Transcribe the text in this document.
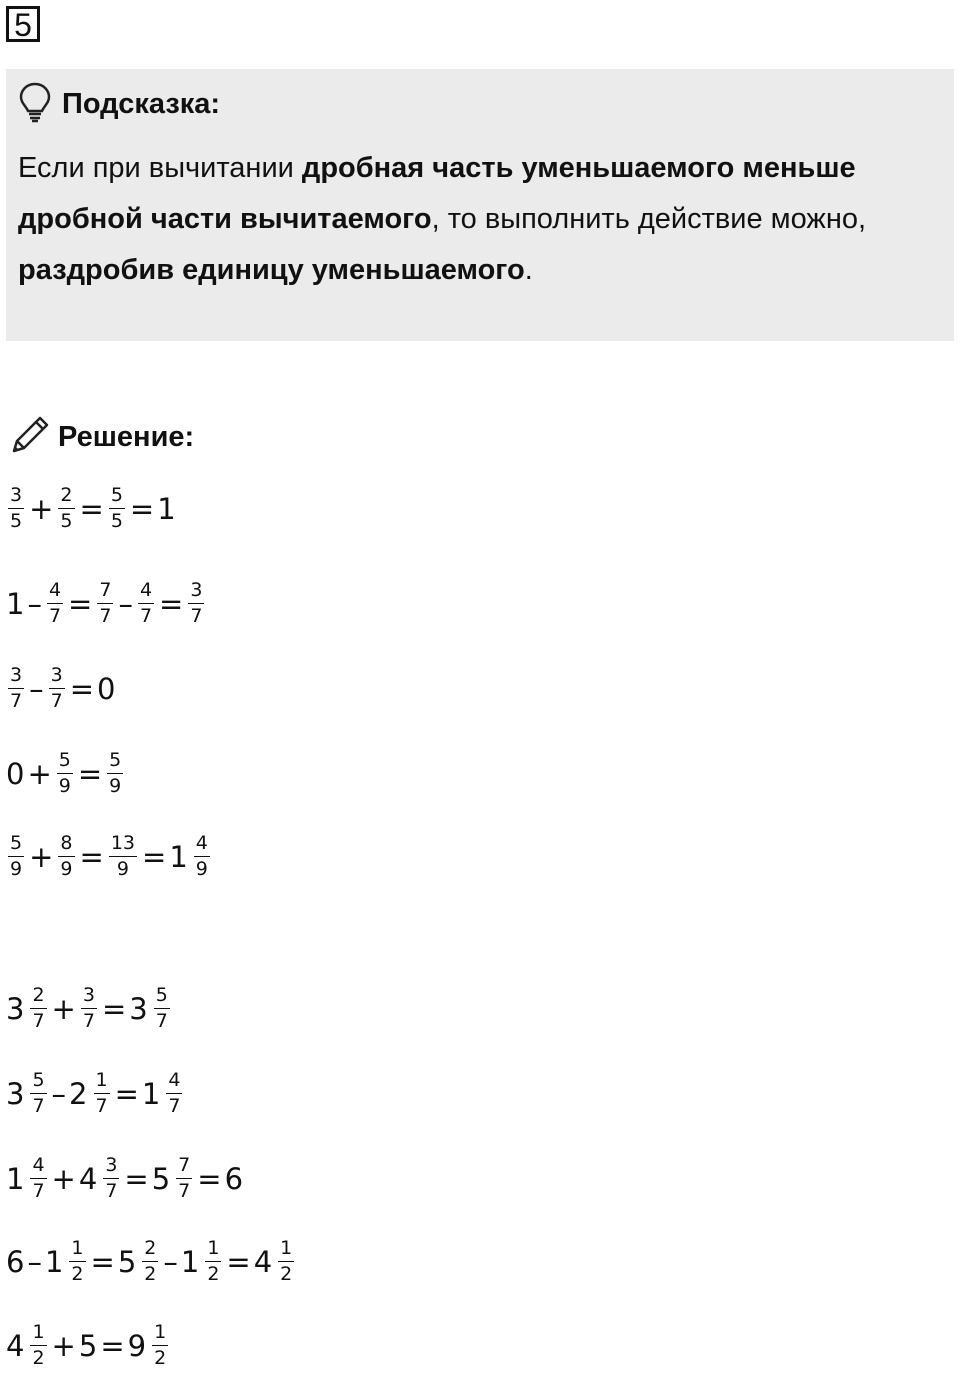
5
Подсказка:
Если при вычитании дробная часть уменьшаемого меньше дробной части вычитаемого, то выполнить действие можно, раздробив единицу уменьшаемого.
Решение:
$\frac{3}{5} + \frac{2}{5} = \frac{5}{5} = 1$
$1 - \frac{4}{7} = \frac{7}{7} - \frac{4}{7} = \frac{3}{7}$
$\frac{3}{7} - \frac{3}{7} = 0$
$0 + \frac{5}{9} = \frac{5}{9}$
$\frac{5}{9} + \frac{8}{9} = \frac{13}{9} = 1 \frac{4}{9}$
$3 \frac{2}{7} + \frac{3}{7} = 3 \frac{5}{7}$
$3 \frac{5}{7} - 2 \frac{1}{7} = 1 \frac{4}{7}$
$1 \frac{4}{7} + 4 \frac{3}{7} = 5 \frac{7}{7} = 6$
$6 - 1 \frac{1}{2} = 5 \frac{2}{2} - 1 \frac{1}{2} = 4 \frac{1}{2}$
$4 \frac{1}{2} + 5 = 9 \frac{1}{2}$
